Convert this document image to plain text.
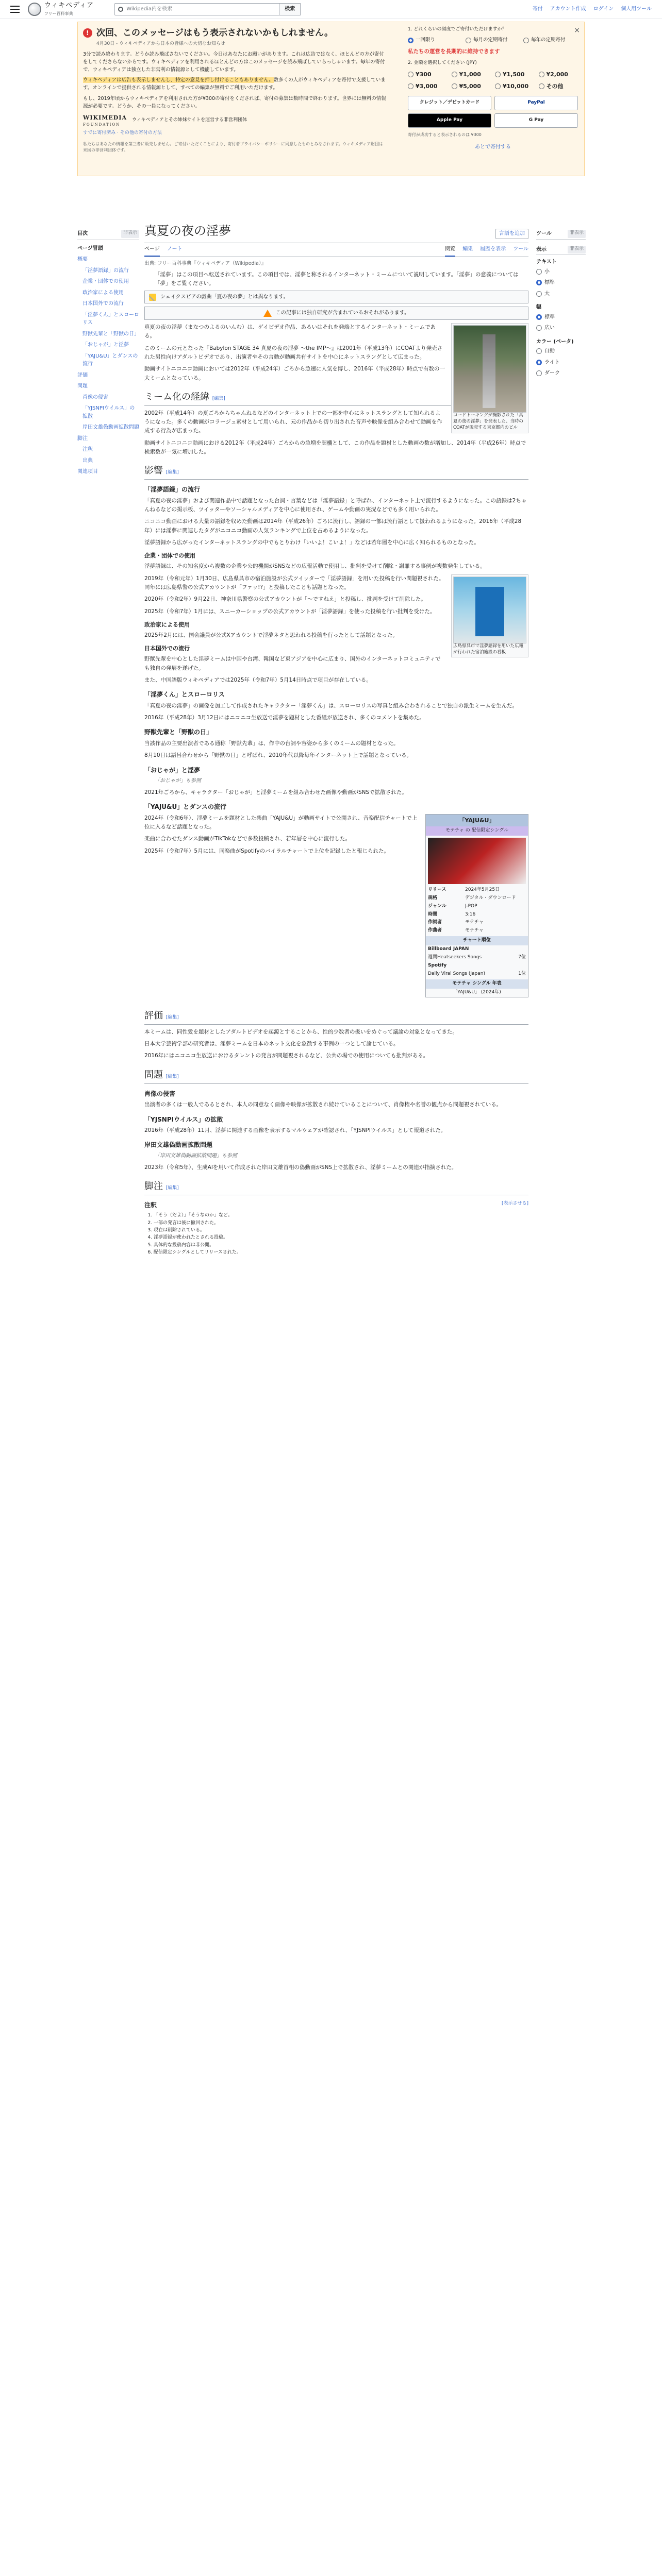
ウィキペディア
フリー百科事典
Wikipedia内を検索	検索	寄付 アカウント作成 ログイン 個人用ツール
!
次回、このメッセージはもう表示されないかもしれません。
4月30日 - ウィキペディアから日本の皆様への大切なお知らせ

3分で読み終わります。どうか読み飛ばさないでください。今日はあなたにお願いがあります。これは広告ではなく、ほとんどの方が寄付をしてくださらないからです。ウィキペディアを利用されるほとんどの方はこのメッセージを読み飛ばしていらっしゃいます。毎年の寄付で、ウィキペディアは独立した非営利の情報源として機能しています。

ウィキペディアは広告も表示しませんし、特定の意見を押し付けることもありません。数多くの人がウィキペディアを寄付で支援しています。オンラインで提供される情報源として、すべての編集が無料でご利用いただけます。

もし、2019年頃からウィキペディアを利用された方が¥300の寄付をくだされば、寄付の募集は数時間で終わります。世界には無料の情報源が必要です。どうか、その一員になってください。

WIKIMEDIA
FOUNDATION
ウィキペディアとその姉妹サイトを運営する非営利団体
すでに寄付済み · その他の寄付の方法
私たちはあなたの情報を第三者に販売しません。ご寄付いただくことにより、寄付者プライバシーポリシーに同意したものとみなされます。ウィキメディア財団は米国の非営利団体です。
×
1. どれくらいの頻度でご寄付いただけますか？
一回限り	毎月の定期寄付	毎年の定期寄付
私たちの運営を長期的に維持できます
2. 金額を選択してください (JPY)
¥300	¥1,000	¥1,500	¥2,000
¥3,000	¥5,000	¥10,000	その他
クレジット／デビットカード	PayPal
Apple Pay	G Pay
寄付が成功すると表示されるのは ¥300
あとで寄付する
目次	非表示
ページ冒頭
概要
「淫夢語録」の流行
企業・団体での使用
政治家による使用
日本国外での流行
「淫夢くん」とスローロリス
野獣先輩と「野獣の日」
「おじゃが」と淫夢
「YAJU&U」とダンスの流行
評価
問題
肖像の侵害
「YJSNPIウイルス」の拡散
岸田文雄偽動画拡散問題
脚注
注釈
出典
関連項目
ツール	非表示
表示	非表示
テキスト
小
標準
大
幅
標準
広い
カラー (ベータ)
自動
ライト
ダーク
真夏の夜の淫夢	言語を追加
ページ ノート	閲覧 編集 履歴を表示 ツール
出典: フリー百科事典『ウィキペディア（Wikipedia）』
「淫夢」はこの項目へ転送されています。この項目では、淫夢と称されるインターネット・ミームについて説明しています。「淫夢」の意義については「夢」をご覧ください。
シェイクスピアの戯曲「夏の夜の夢」とは異なります。
この記事には独自研究が含まれているおそれがあります。
コードトーキングが撮影された「真夏の夜の淫夢」を発表した、当時のCOATが販売する東京都内のビル

真夏の夜の淫夢（まなつのよるのいんむ）は、ゲイビデオ作品、あるいはそれを発端とするインターネット・ミームである。

このミームの元となった『Babylon STAGE 34 真夏の夜の淫夢 〜the IMP〜』は2001年（平成13年）にCOATより発売された男性向けアダルトビデオであり、出演者やその言動が動画共有サイトを中心にネットスラングとして広まった。

動画サイトニコニコ動画においては2012年（平成24年）ごろから急速に人気を博し、2016年（平成28年）時点で有数の一大ミームとなっている。

ミーム化の経緯 [編集]

2002年（平成14年）の夏ごろからちゃんねるなどのインターネット上での一部を中心にネットスラングとして知られるようになった。多くの動画がコラージュ素材として用いられ、元の作品から切り出された音声や映像を組み合わせて動画を作成する行為が広まった。

動画サイトニコニコ動画における2012年（平成24年）ごろからの急増を契機として、この作品を題材とした動画の数が増加し、2014年（平成26年）時点で検索数が一気に増加した。

影響 [編集]
「淫夢語録」の流行

「真夏の夜の淫夢」および関連作品中で話題となった台詞・言葉などは「淫夢語録」と呼ばれ、インターネット上で流行するようになった。この語録は2ちゃんねるなどの掲示板、ツイッターやソーシャルメディアを中心に使用され、ゲームや動画の実況などでも多く用いられた。

ニコニコ動画における大量の語録を収めた動画は2014年（平成26年）ごろに流行し、語録の一部は流行語として扱われるようになった。2016年（平成28年）には淫夢に関連したタグがニコニコ動画の人気ランキングで上位を占めるようになった。

淫夢語録から広がったインターネットスラングの中でもとりわけ「いいよ！こいよ！」などは若年層を中心に広く知られるものとなった。

企業・団体での使用

淫夢語録は、その知名度から複数の企業や公的機関がSNSなどの広報活動で使用し、批判を受けて削除・謝罪する事例が複数発生している。

広島県呉市で淫夢語録を用いた広報が行われた宿泊施設の看板

2019年（令和元年）1月30日、広島県呉市の宿泊施設が公式ツイッターで「淫夢語録」を用いた投稿を行い問題視された。同年には広島県警の公式アカウントが「ファッ!?」と投稿したことも話題となった。

2020年（令和2年）9月22日、神奈川県警察の公式アカウントが「〜ですねえ」と投稿し、批判を受けて削除した。

2025年（令和7年）1月には、スニーカーショップの公式アカウントが「淫夢語録」を使った投稿を行い批判を受けた。

政治家による使用

2025年2月には、国会議員が公式Xアカウントで淫夢ネタと思われる投稿を行ったとして話題となった。

日本国外での流行

野獣先輩を中心とした淫夢ミームは中国や台湾、韓国など東アジアを中心に広まり、国外のインターネットコミュニティでも独自の発展を遂げた。

また、中国語版ウィキペディアでは2025年（令和7年）5月14日時点で項目が存在している。

「淫夢くん」とスローロリス

「真夏の夜の淫夢」の画像を加工して作成されたキャラクター「淫夢くん」は、スローロリスの写真と組み合わされることで独自の派生ミームを生んだ。

2016年（平成28年）3月12日にはニコニコ生放送で淫夢を題材とした番組が放送され、多くのコメントを集めた。

野獣先輩と「野獣の日」

当該作品の主要出演者である通称「野獣先輩」は、作中の台詞や容姿から多くのミームの題材となった。

8月10日は語呂合わせから「野獣の日」と呼ばれ、2010年代以降毎年インターネット上で話題となっている。

「おじゃが」と淫夢
「おじゃが」も参照

2021年ごろから、キャラクター「おじゃが」と淫夢ミームを組み合わせた画像や動画がSNSで拡散された。

「YAJU&U」とダンスの流行
「YAJU&U」
モテチャ の 配信限定シングル
リリース	2024年5月25日
規格	デジタル・ダウンロード
ジャンル	J-POP
時間	3:16
作詞者	モテチャ
作曲者	モテチャ
チャート順位
Billboard JAPAN
週間Heatseekers Songs	7位
Spotify
Daily Viral Songs (Japan)	1位
モテチャ シングル 年表
「YAJU&U」 (2024年)

2024年（令和6年）、淫夢ミームを題材とした楽曲「YAJU&U」が動画サイトで公開され、音楽配信チャートで上位に入るなど話題となった。

楽曲に合わせたダンス動画がTikTokなどで多数投稿され、若年層を中心に流行した。

2025年（令和7年）5月には、同楽曲がSpotifyのバイラルチャートで上位を記録したと報じられた。

評価 [編集]

本ミームは、同性愛を題材としたアダルトビデオを起源とすることから、性的少数者の扱いをめぐって議論の対象となってきた。

日本大学芸術学部の研究者は、淫夢ミームを日本のネット文化を象徴する事例の一つとして論じている。

2016年にはニコニコ生放送におけるタレントの発言が問題視されるなど、公共の場での使用についても批判がある。

問題 [編集]
肖像の侵害

出演者の多くは一般人であるとされ、本人の同意なく画像や映像が拡散され続けていることについて、肖像権や名誉の観点から問題視されている。

「YJSNPIウイルス」の拡散

2016年（平成28年）11月、淫夢に関連する画像を表示するマルウェアが確認され、「YJSNPIウイルス」として報道された。

岸田文雄偽動画拡散問題
「岸田文雄偽動画拡散問題」も参照

2023年（令和5年）、生成AIを用いて作成された岸田文雄首相の偽動画がSNS上で拡散され、淫夢ミームとの関連が指摘された。

脚注 [編集]
注釈	[表示させる]
1. 「そう（だよ）」「そうなのか」など。
2. 一部の発言は後に撤回された。
3. 現在は削除されている。
4. 淫夢語録が使われたとされる投稿。
5. 具体的な投稿内容は非公開。
6. 配信限定シングルとしてリリースされた。
